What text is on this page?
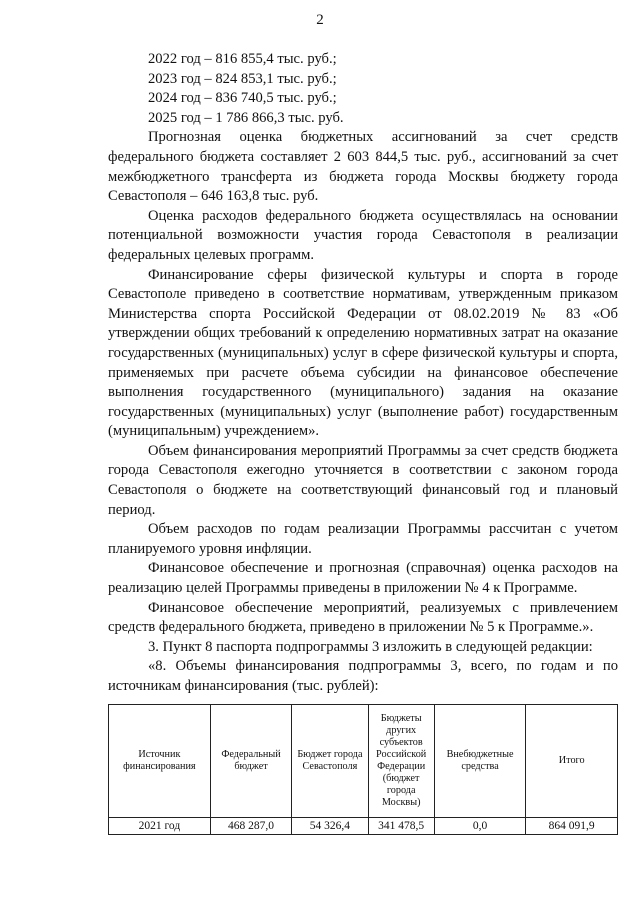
2
2022 год – 816 855,4 тыс. руб.;
2023 год – 824 853,1 тыс. руб.;
2024 год – 836 740,5 тыс. руб.;
2025 год – 1 786 866,3 тыс. руб.

Прогнозная оценка бюджетных ассигнований за счет средств федерального бюджета составляет 2 603 844,5 тыс. руб., ассигнований за счет межбюджетного трансферта из бюджета города Москвы бюджету города Севастополя – 646 163,8 тыс. руб.

Оценка расходов федерального бюджета осуществлялась на основании потенциальной возможности участия города Севастополя в реализации федеральных целевых программ.

Финансирование сферы физической культуры и спорта в городе Севастополе приведено в соответствие нормативам, утвержденным приказом Министерства спорта Российской Федерации от 08.02.2019 № 83 «Об утверждении общих требований к определению нормативных затрат на оказание государственных (муниципальных) услуг в сфере физической культуры и спорта, применяемых при расчете объема субсидии на финансовое обеспечение выполнения государственного (муниципального) задания на оказание государственных (муниципальных) услуг (выполнение работ) государственным (муниципальным) учреждением».

Объем финансирования мероприятий Программы за счет средств бюджета города Севастополя ежегодно уточняется в соответствии с законом города Севастополя о бюджете на соответствующий финансовый год и плановый период.

Объем расходов по годам реализации Программы рассчитан с учетом планируемого уровня инфляции.

Финансовое обеспечение и прогнозная (справочная) оценка расходов на реализацию целей Программы приведены в приложении № 4 к Программе.

Финансовое обеспечение мероприятий, реализуемых с привлечением средств федерального бюджета, приведено в приложении № 5 к Программе.».

3. Пункт 8 паспорта подпрограммы 3 изложить в следующей редакции:

«8. Объемы финансирования подпрограммы 3, всего, по годам и по источникам финансирования (тыс. рублей):

Источник финансирования	Федеральный бюджет	Бюджет города Севастополя	Бюджеты других субъектов Российской Федерации (бюджет города Москвы)	Внебюджетные средства	Итого
2021 год	468 287,0	54 326,4	341 478,5	0,0	864 091,9
